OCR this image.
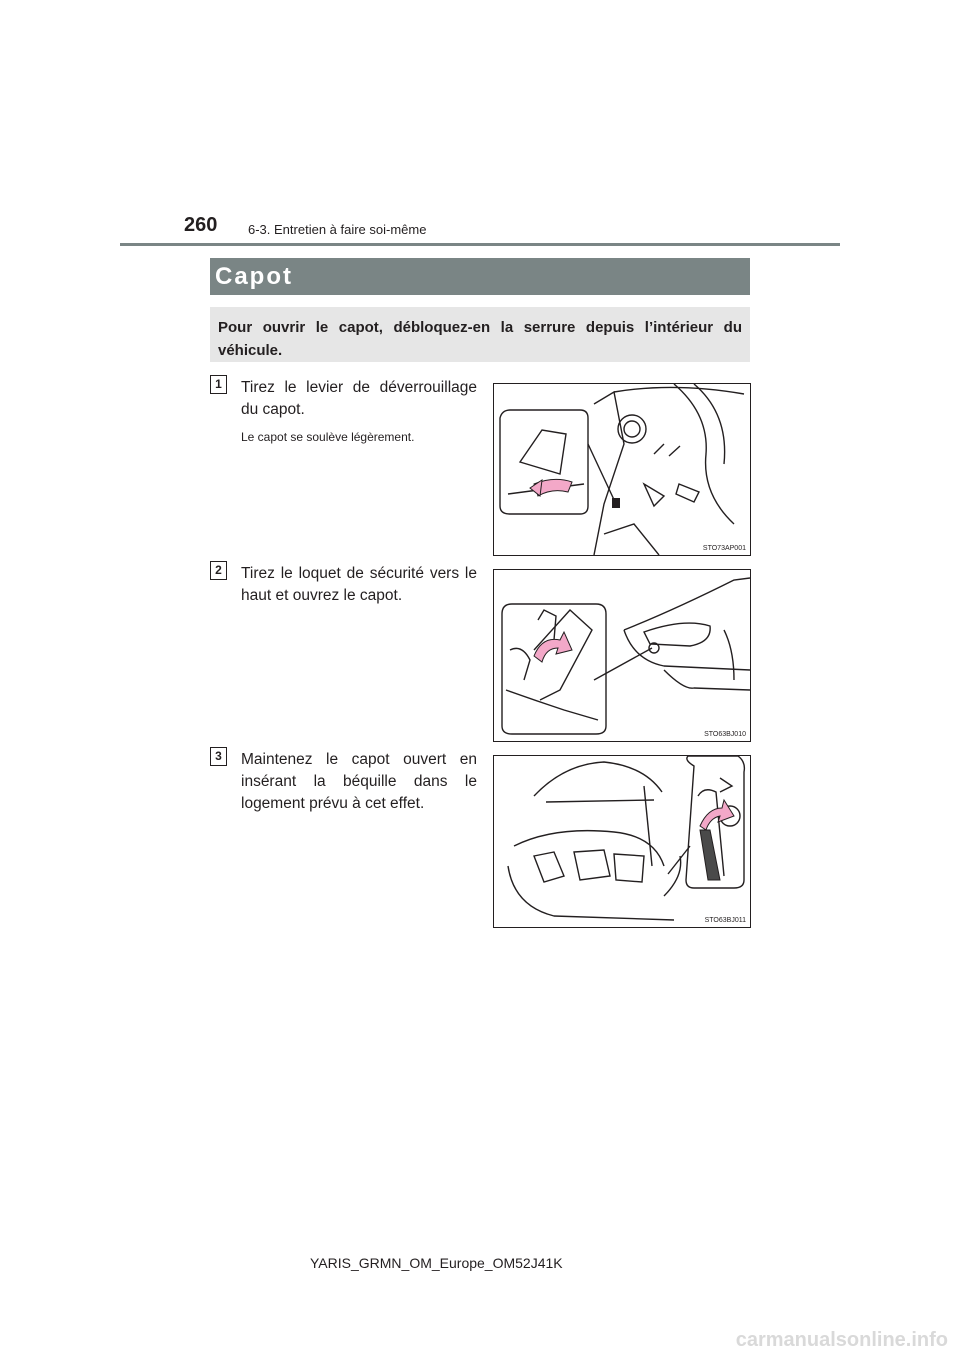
260 6-3. Entretien à faire soi-même
Capot

Pour ouvrir le capot, débloquez-en la serrure depuis l’intérieur du véhicule.

1	Tirez le levier de déverrouillage du capot.
Le capot se soulève légèrement.
STO73AP001
2	Tirez le loquet de sécurité vers le haut et ouvrez le capot.
STO63BJ010
3	Maintenez le capot ouvert en insérant la béquille dans le logement prévu à cet effet.
STO63BJ011
YARIS_GRMN_OM_Europe_OM52J41K
carmanualsonline.info
